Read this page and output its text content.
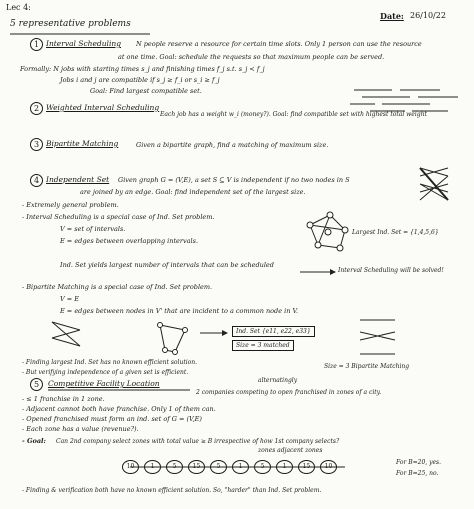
Lec 4:
Date: 26/10/22
5 representative problems
1 Interval Scheduling N people reserve a resource for certain time slots. Only 1 person can use the resource
at one time. Goal: schedule the requests so that maximum people can be served.
Formally: N jobs with starting times s_j and finishing times f_j s.t. s_j < f_j
Jobs i and j are compatible if s_j ≥ f_i or s_i ≥ f_j
Goal: Find largest compatible set.
2 Weighted Interval Scheduling
Each job has a weight w_i (money?). Goal: find compatible set with highest total weight
3 Bipartite Matching	Given a bipartite graph, find a matching of maximum size.
4 Independent Set Given graph G = (V,E), a set S ⊆ V is independent if no two nodes in S
are joined by an edge. Goal: find independent set of the largest size.
- Extremely general problem.
- Interval Scheduling is a special case of Ind. Set problem.
V = set of intervals.
E = edges between overlapping intervals.
Largest Ind. Set = {1,4,5,6}
Ind. Set yields largest number of intervals that can be scheduled
Interval Scheduling will be solved!
- Bipartite Matching is a special case of Ind. Set problem.
V = E
E = edges between nodes in V' that are incident to a common node in V.
Ind. Set {e11, e22, e33}
Size = 3 matched
Size = 3 Bipartite Matching
- Finding largest Ind. Set has no known efficient solution.
- But verifying independence of a given set is efficient.
5	Competitive Facility Location	alternatingly
2 companies competing to open franchised in zones of a city.
- ≤ 1 franchise in 1 zone.
- Adjacent cannot both have franchise. Only 1 of them can.
- Opened franchised must form an ind. set of G = (V,E)
- Each zone has a value (revenue?).
- Goal: Can 2nd company select zones with total value ≥ B irrespective of how 1st company selects?
zones adjacent zones
10	1	5	15	5	1	5	1	15	10
For B=20, yes.
For B=25, no.
- Finding & verification both have no known efficient solution. So, "harder" than Ind. Set problem.
